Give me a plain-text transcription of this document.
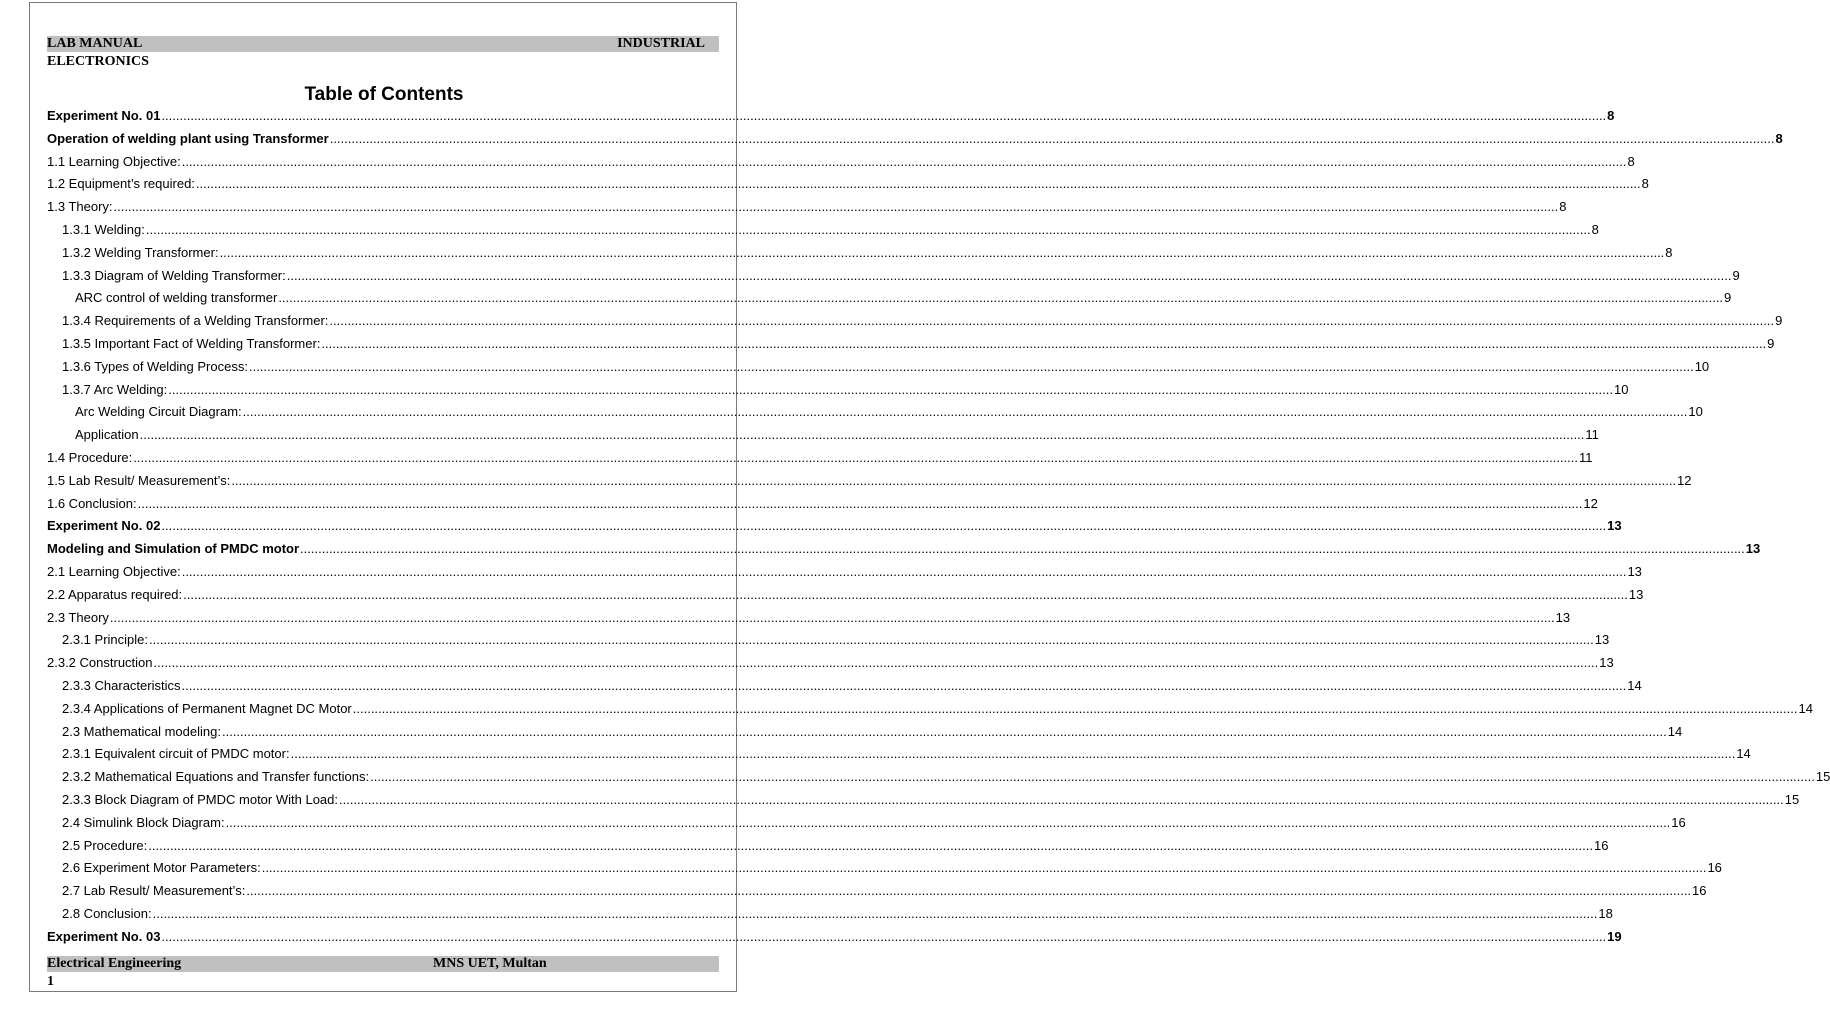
LAB MANUAL	INDUSTRIAL
ELECTRONICS
Table of Contents
Experiment No. 01 ................................................................................................................................................................................................................................................................................................................................................................................................................ 8
Operation of welding plant using Transformer ................................................................................................................................................................................................................................................................................................................................................................................................................ 8
1.1 Learning Objective: ................................................................................................................................................................................................................................................................................................................................................................................................................ 8
1.2 Equipment’s required: ................................................................................................................................................................................................................................................................................................................................................................................................................ 8
1.3 Theory: ................................................................................................................................................................................................................................................................................................................................................................................................................ 8
1.3.1 Welding: ................................................................................................................................................................................................................................................................................................................................................................................................................ 8
1.3.2 Welding Transformer: ................................................................................................................................................................................................................................................................................................................................................................................................................ 8
1.3.3 Diagram of Welding Transformer: ................................................................................................................................................................................................................................................................................................................................................................................................................ 9
ARC control of welding transformer ................................................................................................................................................................................................................................................................................................................................................................................................................ 9
1.3.4 Requirements of a Welding Transformer: ................................................................................................................................................................................................................................................................................................................................................................................................................ 9
1.3.5 Important Fact of Welding Transformer: ................................................................................................................................................................................................................................................................................................................................................................................................................ 9
1.3.6 Types of Welding Process: ................................................................................................................................................................................................................................................................................................................................................................................................................ 10
1.3.7 Arc Welding: ................................................................................................................................................................................................................................................................................................................................................................................................................ 10
Arc Welding Circuit Diagram: ................................................................................................................................................................................................................................................................................................................................................................................................................ 10
Application ................................................................................................................................................................................................................................................................................................................................................................................................................ 11
1.4 Procedure: ................................................................................................................................................................................................................................................................................................................................................................................................................ 11
1.5 Lab Result/ Measurement’s: ................................................................................................................................................................................................................................................................................................................................................................................................................ 12
1.6 Conclusion: ................................................................................................................................................................................................................................................................................................................................................................................................................ 12
Experiment No. 02 ................................................................................................................................................................................................................................................................................................................................................................................................................ 13
Modeling and Simulation of PMDC motor ................................................................................................................................................................................................................................................................................................................................................................................................................ 13
2.1 Learning Objective: ................................................................................................................................................................................................................................................................................................................................................................................................................ 13
2.2 Apparatus required: ................................................................................................................................................................................................................................................................................................................................................................................................................ 13
2.3 Theory ................................................................................................................................................................................................................................................................................................................................................................................................................ 13
2.3.1 Principle: ................................................................................................................................................................................................................................................................................................................................................................................................................ 13
2.3.2 Construction ................................................................................................................................................................................................................................................................................................................................................................................................................ 13
2.3.3 Characteristics ................................................................................................................................................................................................................................................................................................................................................................................................................ 14
2.3.4 Applications of Permanent Magnet DC Motor ................................................................................................................................................................................................................................................................................................................................................................................................................ 14
2.3 Mathematical modeling: ................................................................................................................................................................................................................................................................................................................................................................................................................ 14
2.3.1 Equivalent circuit of PMDC motor: ................................................................................................................................................................................................................................................................................................................................................................................................................ 14
2.3.2 Mathematical Equations and Transfer functions: ................................................................................................................................................................................................................................................................................................................................................................................................................ 15
2.3.3 Block Diagram of PMDC motor With Load: ................................................................................................................................................................................................................................................................................................................................................................................................................ 15
2.4 Simulink Block Diagram: ................................................................................................................................................................................................................................................................................................................................................................................................................ 16
2.5 Procedure: ................................................................................................................................................................................................................................................................................................................................................................................................................ 16
2.6 Experiment Motor Parameters: ................................................................................................................................................................................................................................................................................................................................................................................................................ 16
2.7 Lab Result/ Measurement’s: ................................................................................................................................................................................................................................................................................................................................................................................................................ 16
2.8 Conclusion: ................................................................................................................................................................................................................................................................................................................................................................................................................ 18
Experiment No. 03 ................................................................................................................................................................................................................................................................................................................................................................................................................ 19
Electrical Engineering	MNS UET, Multan
1
